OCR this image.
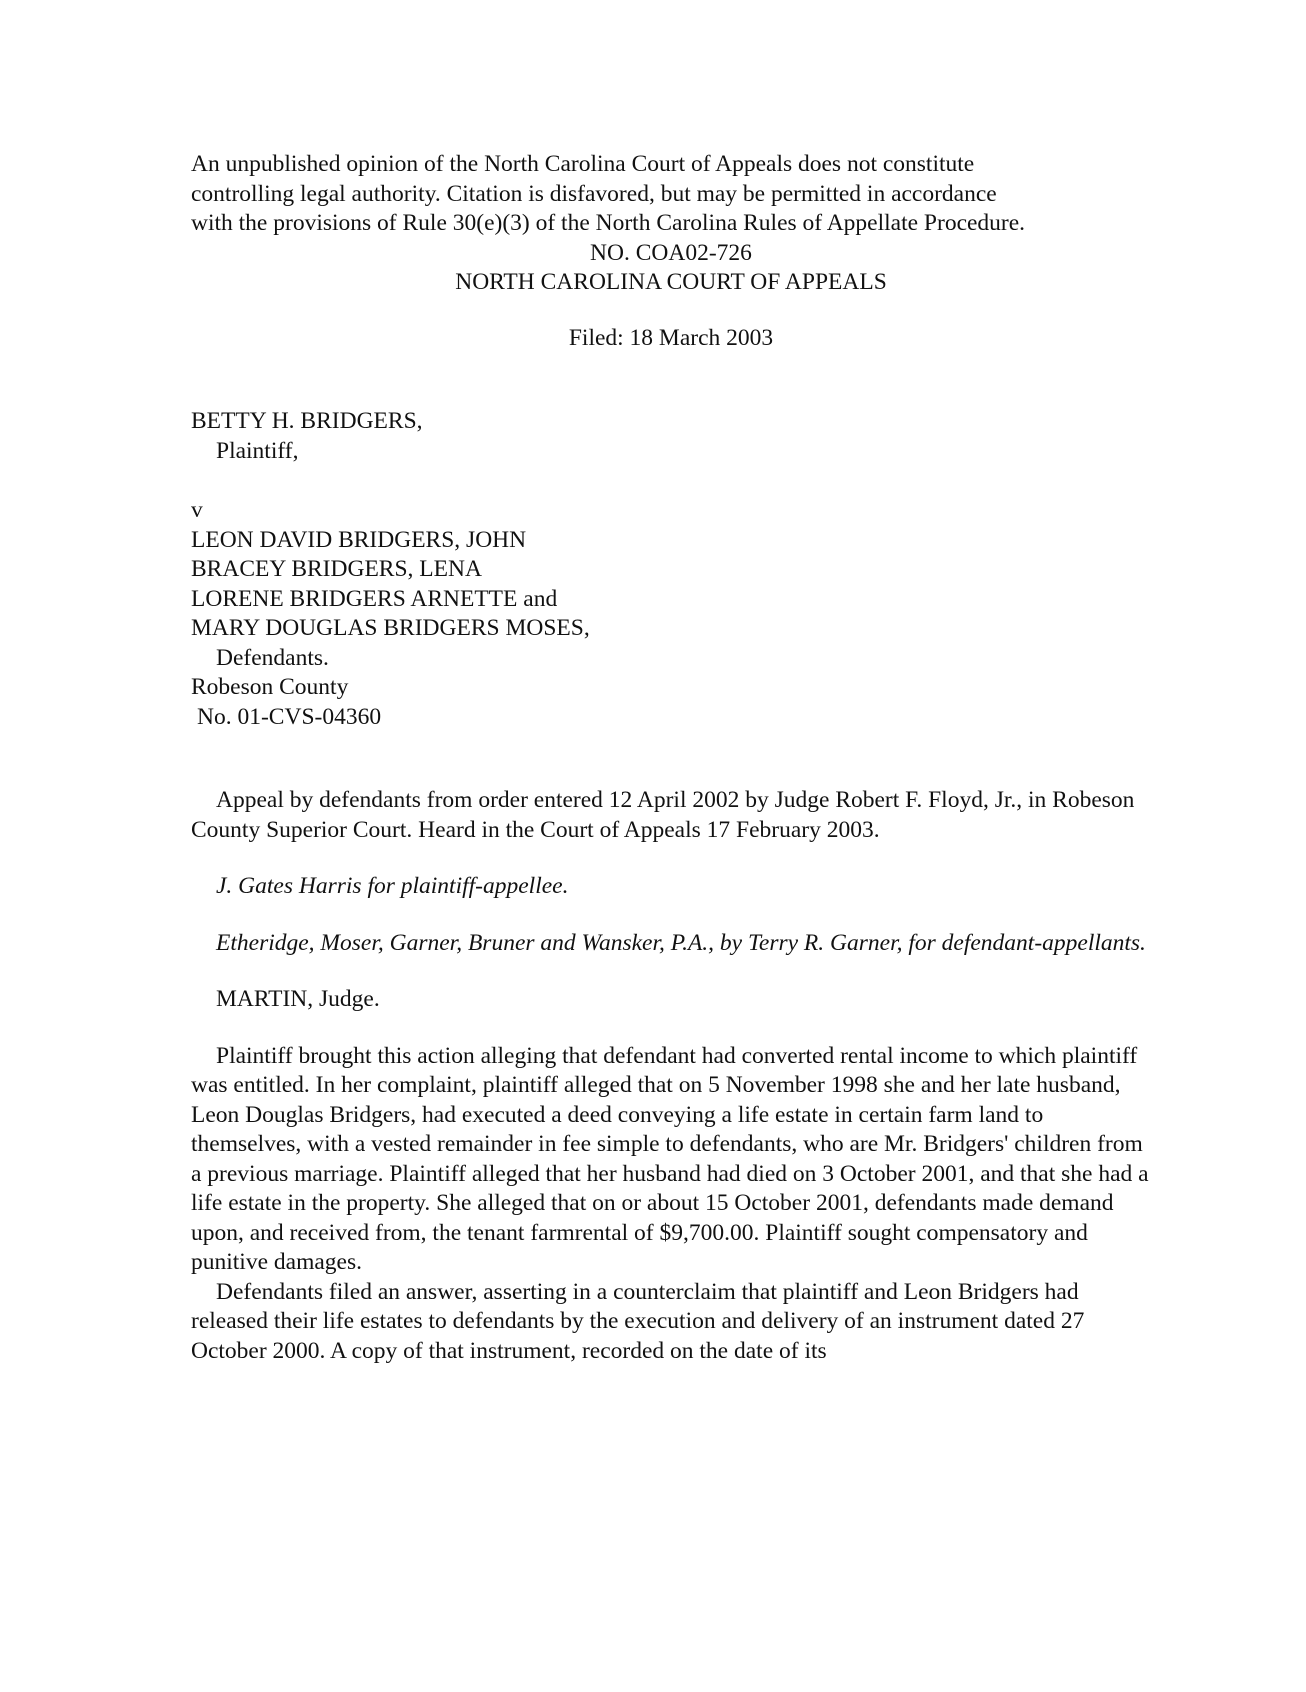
An unpublished opinion of the North Carolina Court of Appeals does not constitute

controlling legal authority. Citation is disfavored, but may be permitted in accordance

with the provisions of Rule 30(e)(3) of the North Carolina Rules of Appellate Procedure.

NO. COA02-726

NORTH CAROLINA COURT OF APPEALS

Filed: 18 March 2003

BETTY H. BRIDGERS,

Plaintiff,

v

LEON DAVID BRIDGERS, JOHN

BRACEY BRIDGERS, LENA

LORENE BRIDGERS ARNETTE and

MARY DOUGLAS BRIDGERS MOSES,

Defendants.

Robeson County

No. 01-CVS-04360

Appeal by defendants from order entered 12 April 2002 by Judge Robert F. Floyd, Jr., in Robeson County Superior Court. Heard in the Court of Appeals 17 February 2003.

J. Gates Harris for plaintiff-appellee.

Etheridge, Moser, Garner, Bruner and Wansker, P.A., by Terry R. Garner, for defendant-appellants.

MARTIN, Judge.

Plaintiff brought this action alleging that defendant had converted rental income to which plaintiff was entitled. In her complaint, plaintiff alleged that on 5 November 1998 she and her late husband, Leon Douglas Bridgers, had executed a deed conveying a life estate in certain farm land to themselves, with a vested remainder in fee simple to defendants, who are Mr. Bridgers' children from a previous marriage. Plaintiff alleged that her husband had died on 3 October 2001, and that she had a life estate in the property. She alleged that on or about 15 October 2001, defendants made demand upon, and received from, the tenant farmrental of $9,700.00. Plaintiff sought compensatory and punitive damages.

Defendants filed an answer, asserting in a counterclaim that plaintiff and Leon Bridgers had released their life estates to defendants by the execution and delivery of an instrument dated 27 October 2000. A copy of that instrument, recorded on the date of its
